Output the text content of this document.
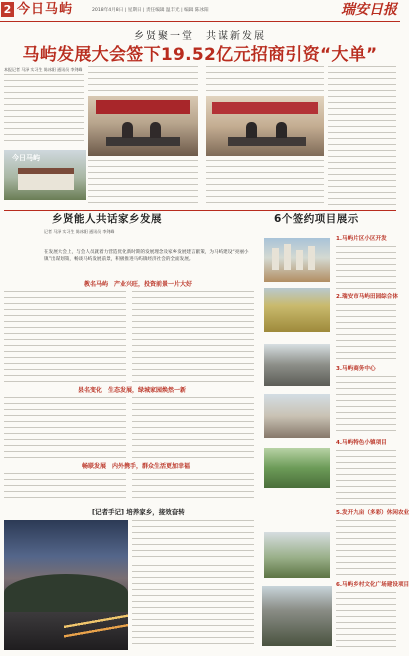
2 今日马屿	2018年4月8日 | 星期日 | 责任编辑 温丰光 | 编辑 陈冰阳	瑞安日报
乡贤聚一堂　共谋新发展
马屿发展大会签下19.52亿元招商引资“大单”
本报记者 马泽 实习生 陈冰阳 通讯员 李剑峰
今日马屿
乡贤能人共话家乡发展	6个签约项目展示
记者 马泽 实习生 陈冰阳 通讯员 李剑峰
在发展大会上，与会人员就着力营造优化新时期的发展理念及家乡发展建言献策，为马屿建设“亮丽小镇”出谋划策，畅谈马屿发展前景，积极推进马屿镇经济社会的全面发展。
教名马屿　产业兴旺，投资前景一片大好
县名变化　生态发展，绿城家园焕然一新
畅联发展　内外携手，群众生活更加幸福
[记者手记] 培养家乡，接效奋转
1.马屿片区小区开发
2.瑞安市马屿田园综合体
3.马屿商务中心
4.马屿特色小镇项目
5.发开九亩（多彩）休闲农业
6.马屿乡村文化广场建设项目
